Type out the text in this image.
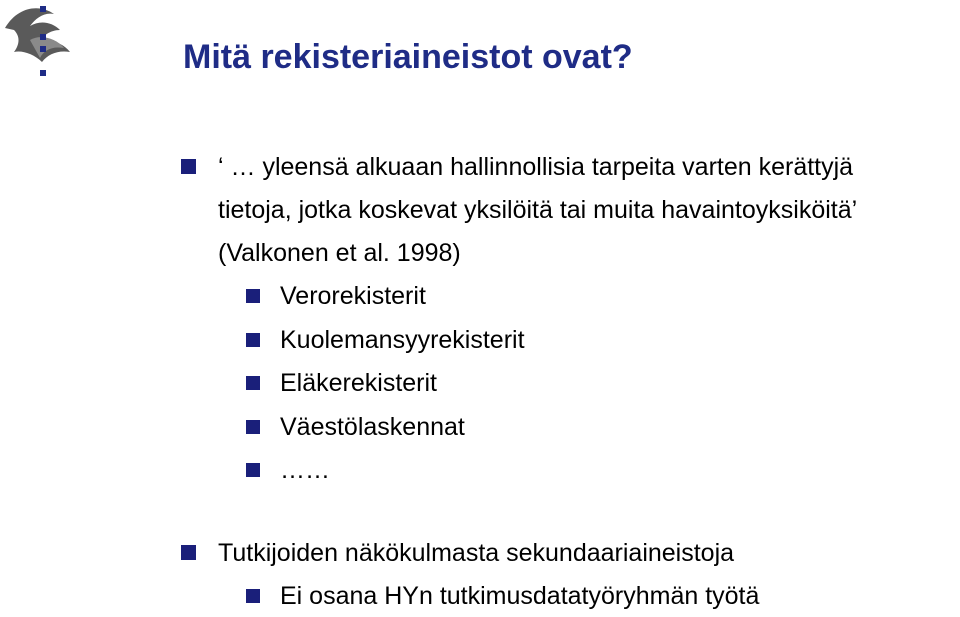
Mitä rekisteriaineistot ovat?
‘ … yleensä alkuaan hallinnollisia tarpeita varten kerättyjä
tietoja, jotka koskevat yksilöitä tai muita havaintoyksiköitä’
(Valkonen et al. 1998)
Verorekisterit
Kuolemansyyrekisterit
Eläkerekisterit
Väestölaskennat
……
Tutkijoiden näkökulmasta sekundaariaineistoja
Ei osana HYn tutkimusdatatyöryhmän työtä
